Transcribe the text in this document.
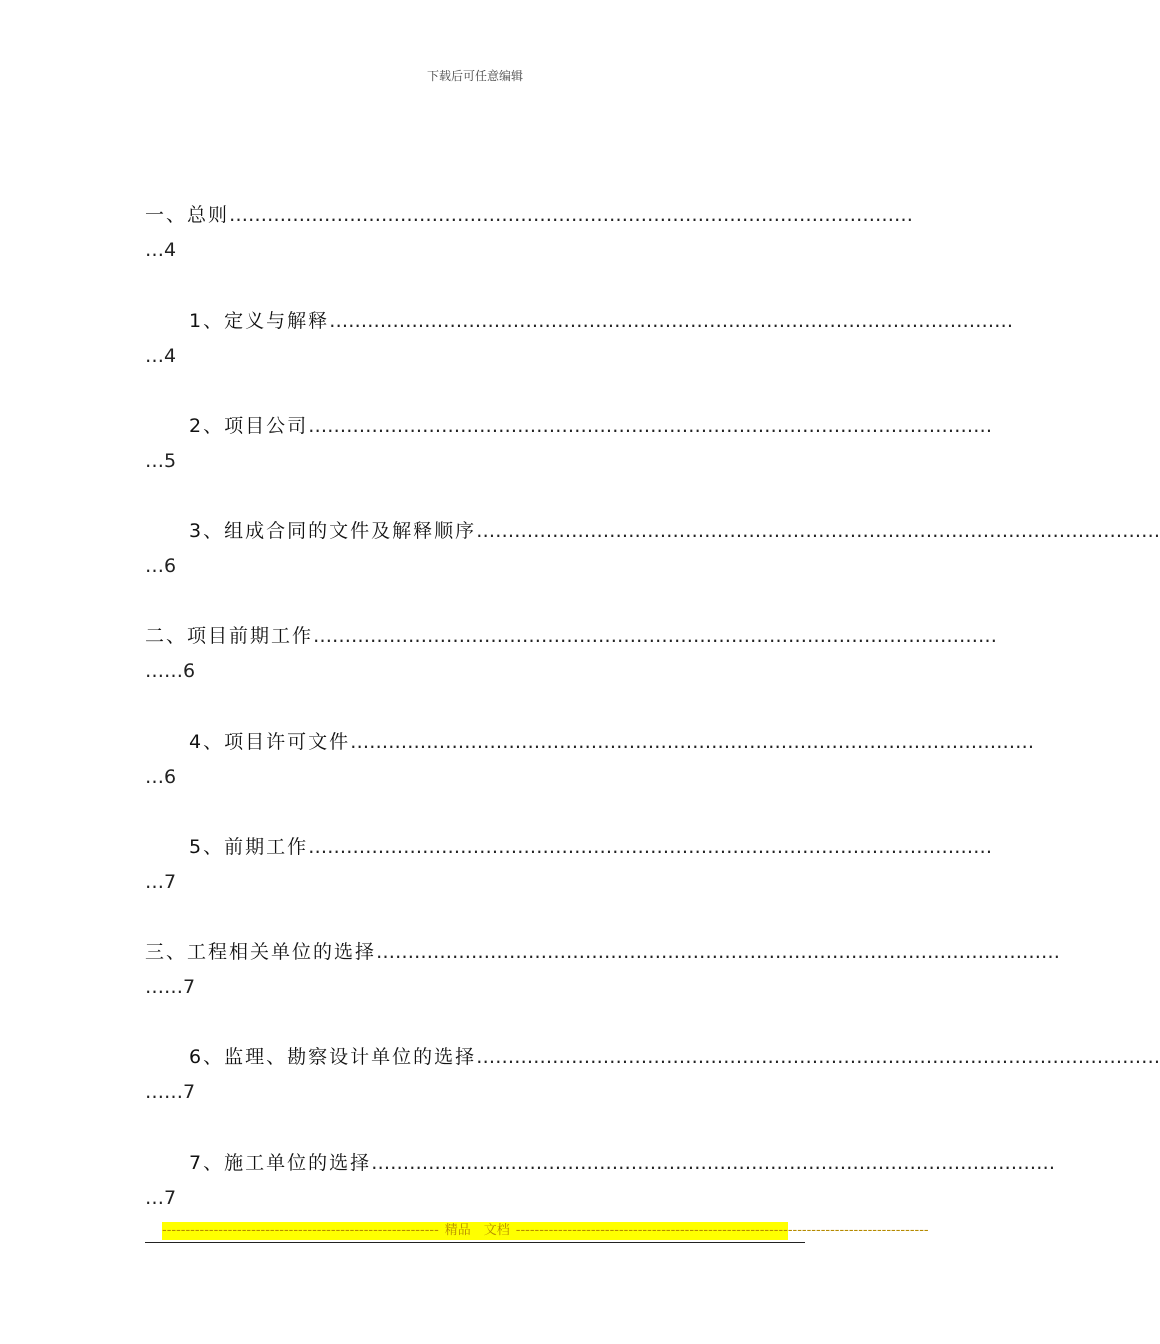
下载后可任意编辑
一、总则………………………………………………………………………………………………
…4
1、定义与解释………………………………………………………………………………………………
…4
2、项目公司………………………………………………………………………………………………
…5
3、组成合同的文件及解释顺序………………………………………………………………………………………………
…6
二、项目前期工作………………………………………………………………………………………………
……6
4、项目许可文件………………………………………………………………………………………………
…6
5、前期工作………………………………………………………………………………………………
…7
三、工程相关单位的选择………………………………………………………………………………………………
……7
6、监理、勘察设计单位的选择………………………………………………………………………………………………
……7
7、施工单位的选择………………………………………………………………………………………………
…7
----------------------------------------------------------- 精品　文档 ----------------------------------------------------------------------------------------
